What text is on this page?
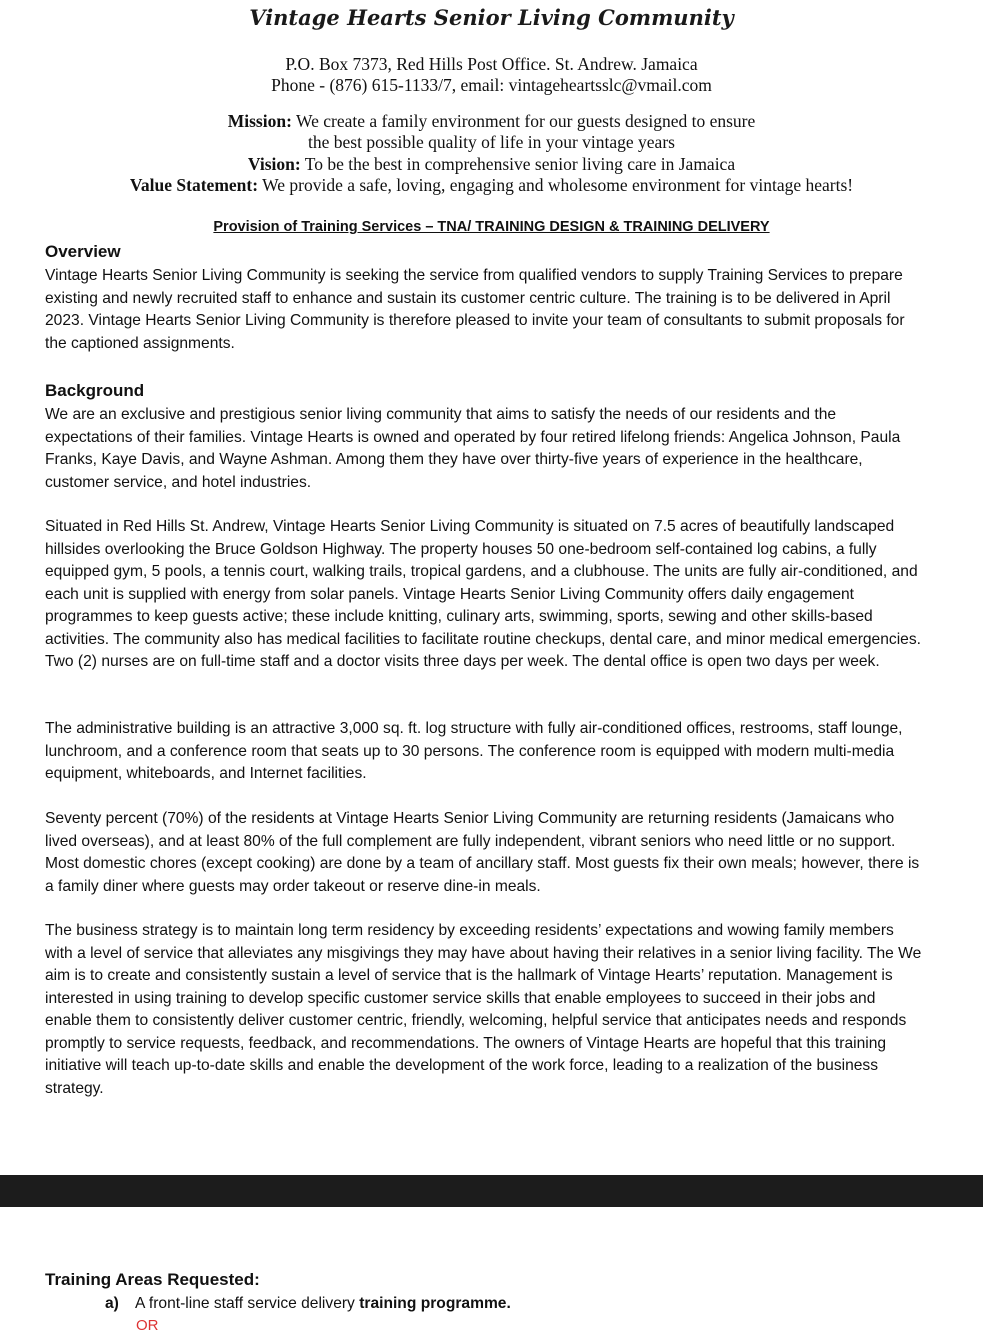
Vintage Hearts Senior Living Community
P.O. Box 7373, Red Hills Post Office. St. Andrew. Jamaica
Phone - (876) 615-1133/7, email: vintageheartsslc@vmail.com
Mission: We create a family environment for our guests designed to ensure
the best possible quality of life in your vintage years
Vision: To be the best in comprehensive senior living care in Jamaica
Value Statement: We provide a safe, loving, engaging and wholesome environment for vintage hearts!
Provision of Training Services – TNA/ TRAINING DESIGN & TRAINING DELIVERY
Overview

Vintage Hearts Senior Living Community is seeking the service from qualified vendors to supply Training Services to prepare existing and newly recruited staff to enhance and sustain its customer centric culture. The training is to be delivered in April 2023. Vintage Hearts Senior Living Community is therefore pleased to invite your team of consultants to submit proposals for the captioned assignments.

Background

We are an exclusive and prestigious senior living community that aims to satisfy the needs of our residents and the expectations of their families. Vintage Hearts is owned and operated by four retired lifelong friends: Angelica Johnson, Paula Franks, Kaye Davis, and Wayne Ashman. Among them they have over thirty-five years of experience in the healthcare, customer service, and hotel industries.

Situated in Red Hills St. Andrew, Vintage Hearts Senior Living Community is situated on 7.5 acres of beautifully landscaped hillsides overlooking the Bruce Goldson Highway. The property houses 50 one-bedroom self-contained log cabins, a fully equipped gym, 5 pools, a tennis court, walking trails, tropical gardens, and a clubhouse. The units are fully air-conditioned, and each unit is supplied with energy from solar panels. Vintage Hearts Senior Living Community offers daily engagement programmes to keep guests active; these include knitting, culinary arts, swimming, sports, sewing and other skills-based activities. The community also has medical facilities to facilitate routine checkups, dental care, and minor medical emergencies. Two (2) nurses are on full-time staff and a doctor visits three days per week. The dental office is open two days per week.

The administrative building is an attractive 3,000 sq. ft. log structure with fully air-conditioned offices, restrooms, staff lounge, lunchroom, and a conference room that seats up to 30 persons. The conference room is equipped with modern multi-media equipment, whiteboards, and Internet facilities.

Seventy percent (70%) of the residents at Vintage Hearts Senior Living Community are returning residents (Jamaicans who lived overseas), and at least 80% of the full complement are fully independent, vibrant seniors who need little or no support. Most domestic chores (except cooking) are done by a team of ancillary staff. Most guests fix their own meals; however, there is a family diner where guests may order takeout or reserve dine-in meals.

The business strategy is to maintain long term residency by exceeding residents’ expectations and wowing family members with a level of service that alleviates any misgivings they may have about having their relatives in a senior living facility. The We aim is to create and consistently sustain a level of service that is the hallmark of Vintage Hearts’ reputation. Management is interested in using training to develop specific customer service skills that enable employees to succeed in their jobs and enable them to consistently deliver customer centric, friendly, welcoming, helpful service that anticipates needs and responds promptly to service requests, feedback, and recommendations. The owners of Vintage Hearts are hopeful that this training initiative will teach up-to-date skills and enable the development of the work force, leading to a realization of the business strategy.

Training Areas Requested:
a) A front-line staff service delivery training programme.
OR
